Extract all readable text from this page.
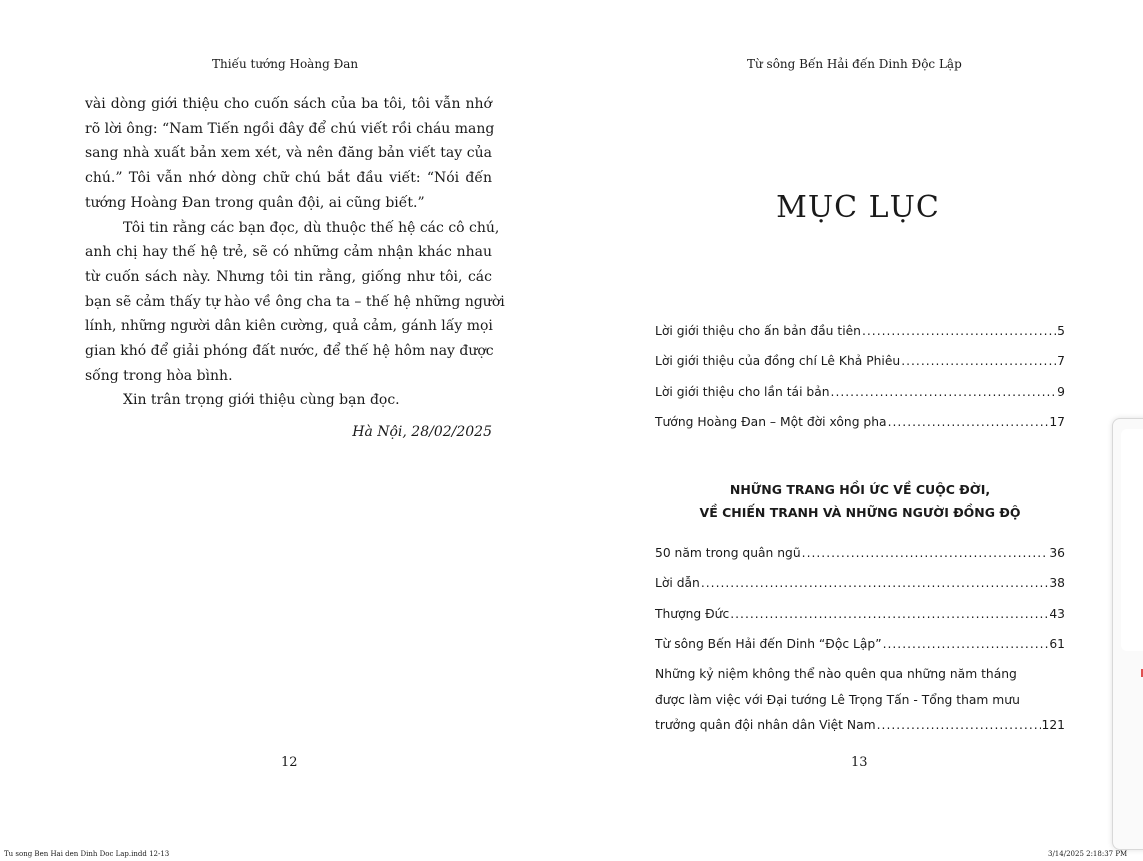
Thiếu tướng Hoàng Đan
vài dòng giới thiệu cho cuốn sách của ba tôi, tôi vẫn nhớ
rõ lời ông: “Nam Tiến ngồi đây để chú viết rồi cháu mang
sang nhà xuất bản xem xét, và nên đăng bản viết tay của
chú.” Tôi vẫn nhớ dòng chữ chú bắt đầu viết: “Nói đến
tướng Hoàng Đan trong quân đội, ai cũng biết.”
Tôi tin rằng các bạn đọc, dù thuộc thế hệ các cô chú,
anh chị hay thế hệ trẻ, sẽ có những cảm nhận khác nhau
từ cuốn sách này. Nhưng tôi tin rằng, giống như tôi, các
bạn sẽ cảm thấy tự hào về ông cha ta – thế hệ những người
lính, những người dân kiên cường, quả cảm, gánh lấy mọi
gian khó để giải phóng đất nước, để thế hệ hôm nay được
sống trong hòa bình.
Xin trân trọng giới thiệu cùng bạn đọc.
Hà Nội, 28/02/2025
12
Từ sông Bến Hải đến Dinh Độc Lập
MỤC LỤC
Lời giới thiệu cho ấn bản đầu tiên .....	5
Lời giới thiệu của đồng chí Lê Khả Phiêu .....	7
Lời giới thiệu cho lần tái bản .....	9
Tướng Hoàng Đan – Một đời xông pha .....	17
NHỮNG TRANG HỒI ỨC VỀ CUỘC ĐỜI,
VỀ CHIẾN TRANH VÀ NHỮNG NGƯỜI ĐỒNG ĐỘ
50 năm trong quân ngũ .....	36
Lời dẫn .....	38
Thượng Đức .....	43
Từ sông Bến Hải đến Dinh “Độc Lập” .....	61
Những kỷ niệm không thể nào quên qua những năm tháng
được làm việc với Đại tướng Lê Trọng Tấn - Tổng tham mưu
trưởng quân đội nhân dân Việt Nam .....	121
13
Tu song Ben Hai den Dinh Doc Lap.indd 12-13	3/14/2025 2:18:37 PM
